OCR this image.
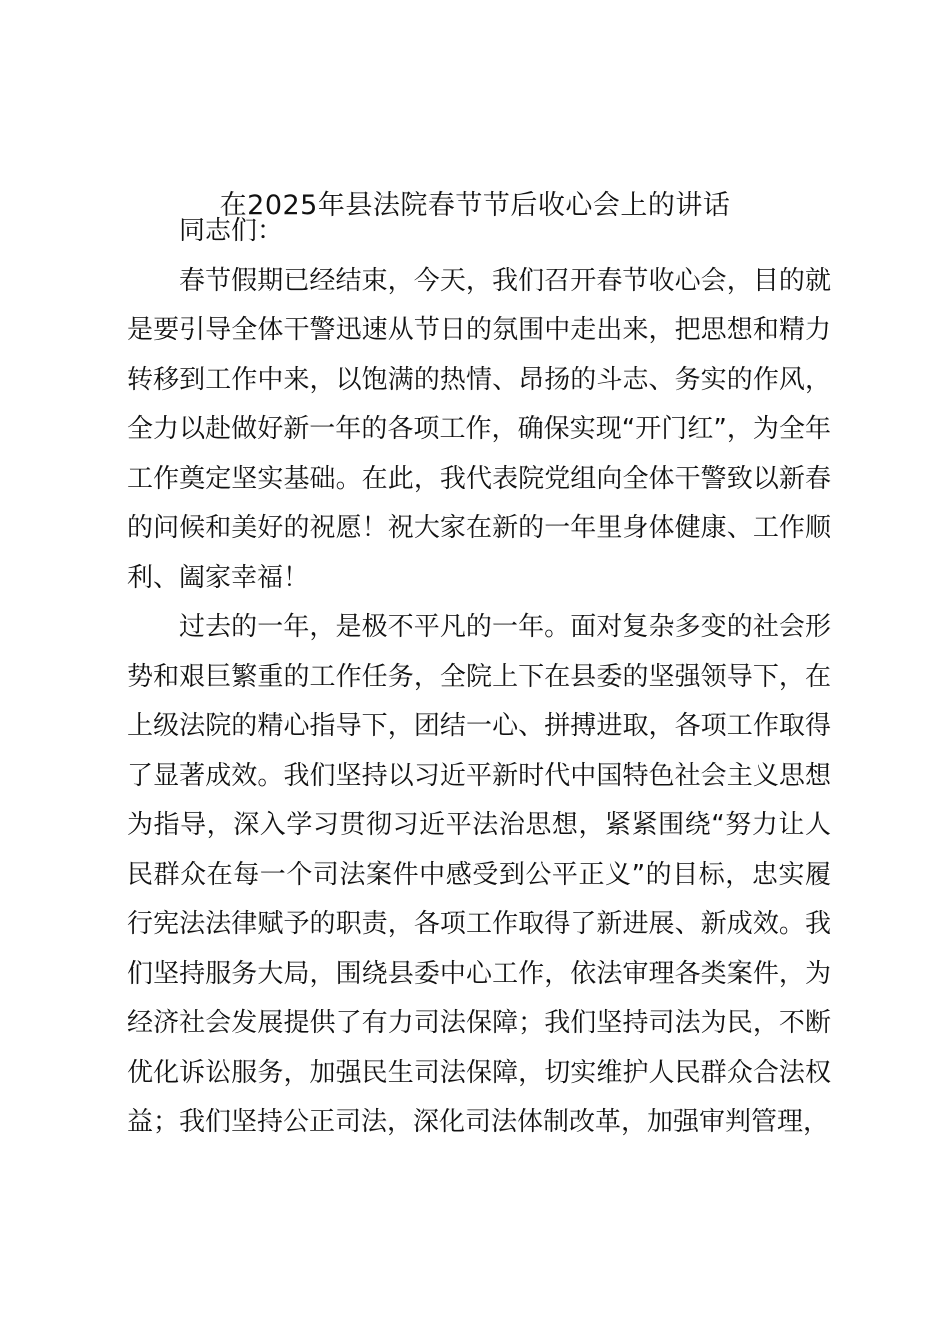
在2025年县法院春节节后收心会上的讲话

同志们：

春节假期已经结束，今天，我们召开春节收心会，目的就是要引导全体干警迅速从节日的氛围中走出来，把思想和精力转移到工作中来，以饱满的热情、昂扬的斗志、务实的作风，全力以赴做好新一年的各项工作，确保实现“开门红”，为全年工作奠定坚实基础。在此，我代表院党组向全体干警致以新春的问候和美好的祝愿！祝大家在新的一年里身体健康、工作顺利、阖家幸福！

过去的一年，是极不平凡的一年。面对复杂多变的社会形势和艰巨繁重的工作任务，全院上下在县委的坚强领导下，在上级法院的精心指导下，团结一心、拼搏进取，各项工作取得了显著成效。我们坚持以习近平新时代中国特色社会主义思想为指导，深入学习贯彻习近平法治思想，紧紧围绕“努力让人民群众在每一个司法案件中感受到公平正义”的目标，忠实履行宪法法律赋予的职责，各项工作取得了新进展、新成效。我们坚持服务大局，围绕县委中心工作，依法审理各类案件，为经济社会发展提供了有力司法保障；我们坚持司法为民，不断优化诉讼服务，加强民生司法保障，切实维护人民群众合法权益；我们坚持公正司法，深化司法体制改革，加强审判管理，
